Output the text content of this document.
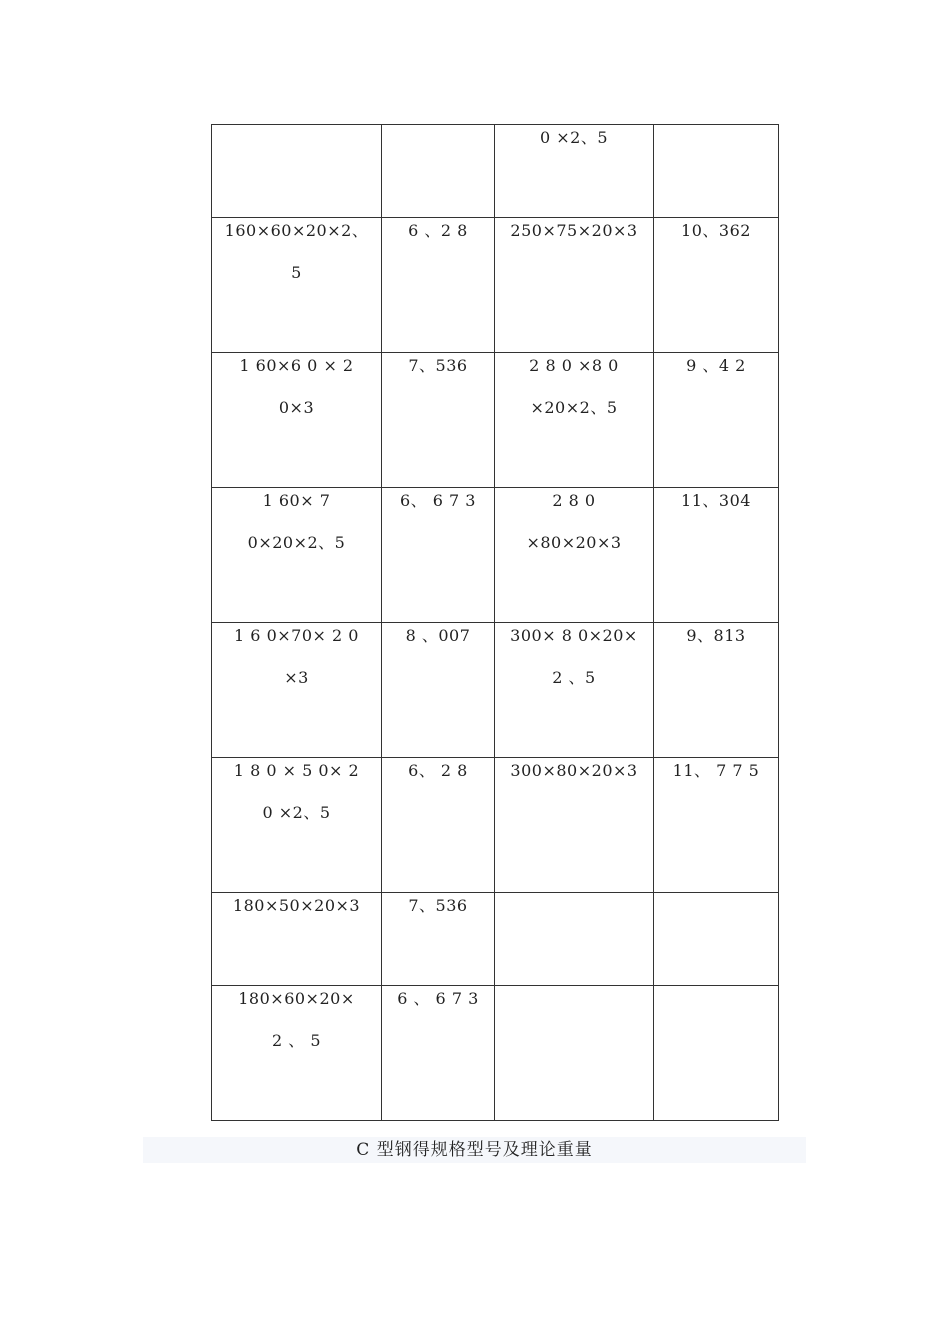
		0 ×2、5	

160×60×20×2、
5	6 、2 8	250×75×20×3	10、362

1 60×6 0 × 2
0×3	7、536	2 8 0 ×8 0
×20×2、5	9 、4 2

1 60× 7
0×20×2、5	6、 6 7 3	2 8 0
×80×20×3	11、304

1 6 0×70× 2 0
×3	8 、007	300× 8 0×20×
2 、5	9、813

1 8 0 × 5 0× 2
0 ×2、5	6、 2 8	300×80×20×3	11、 7 7 5

180×50×20×3	7、536		

180×60×20×
2 、 5	6 、 6 7 3		

C 型钢得规格型号及理论重量
